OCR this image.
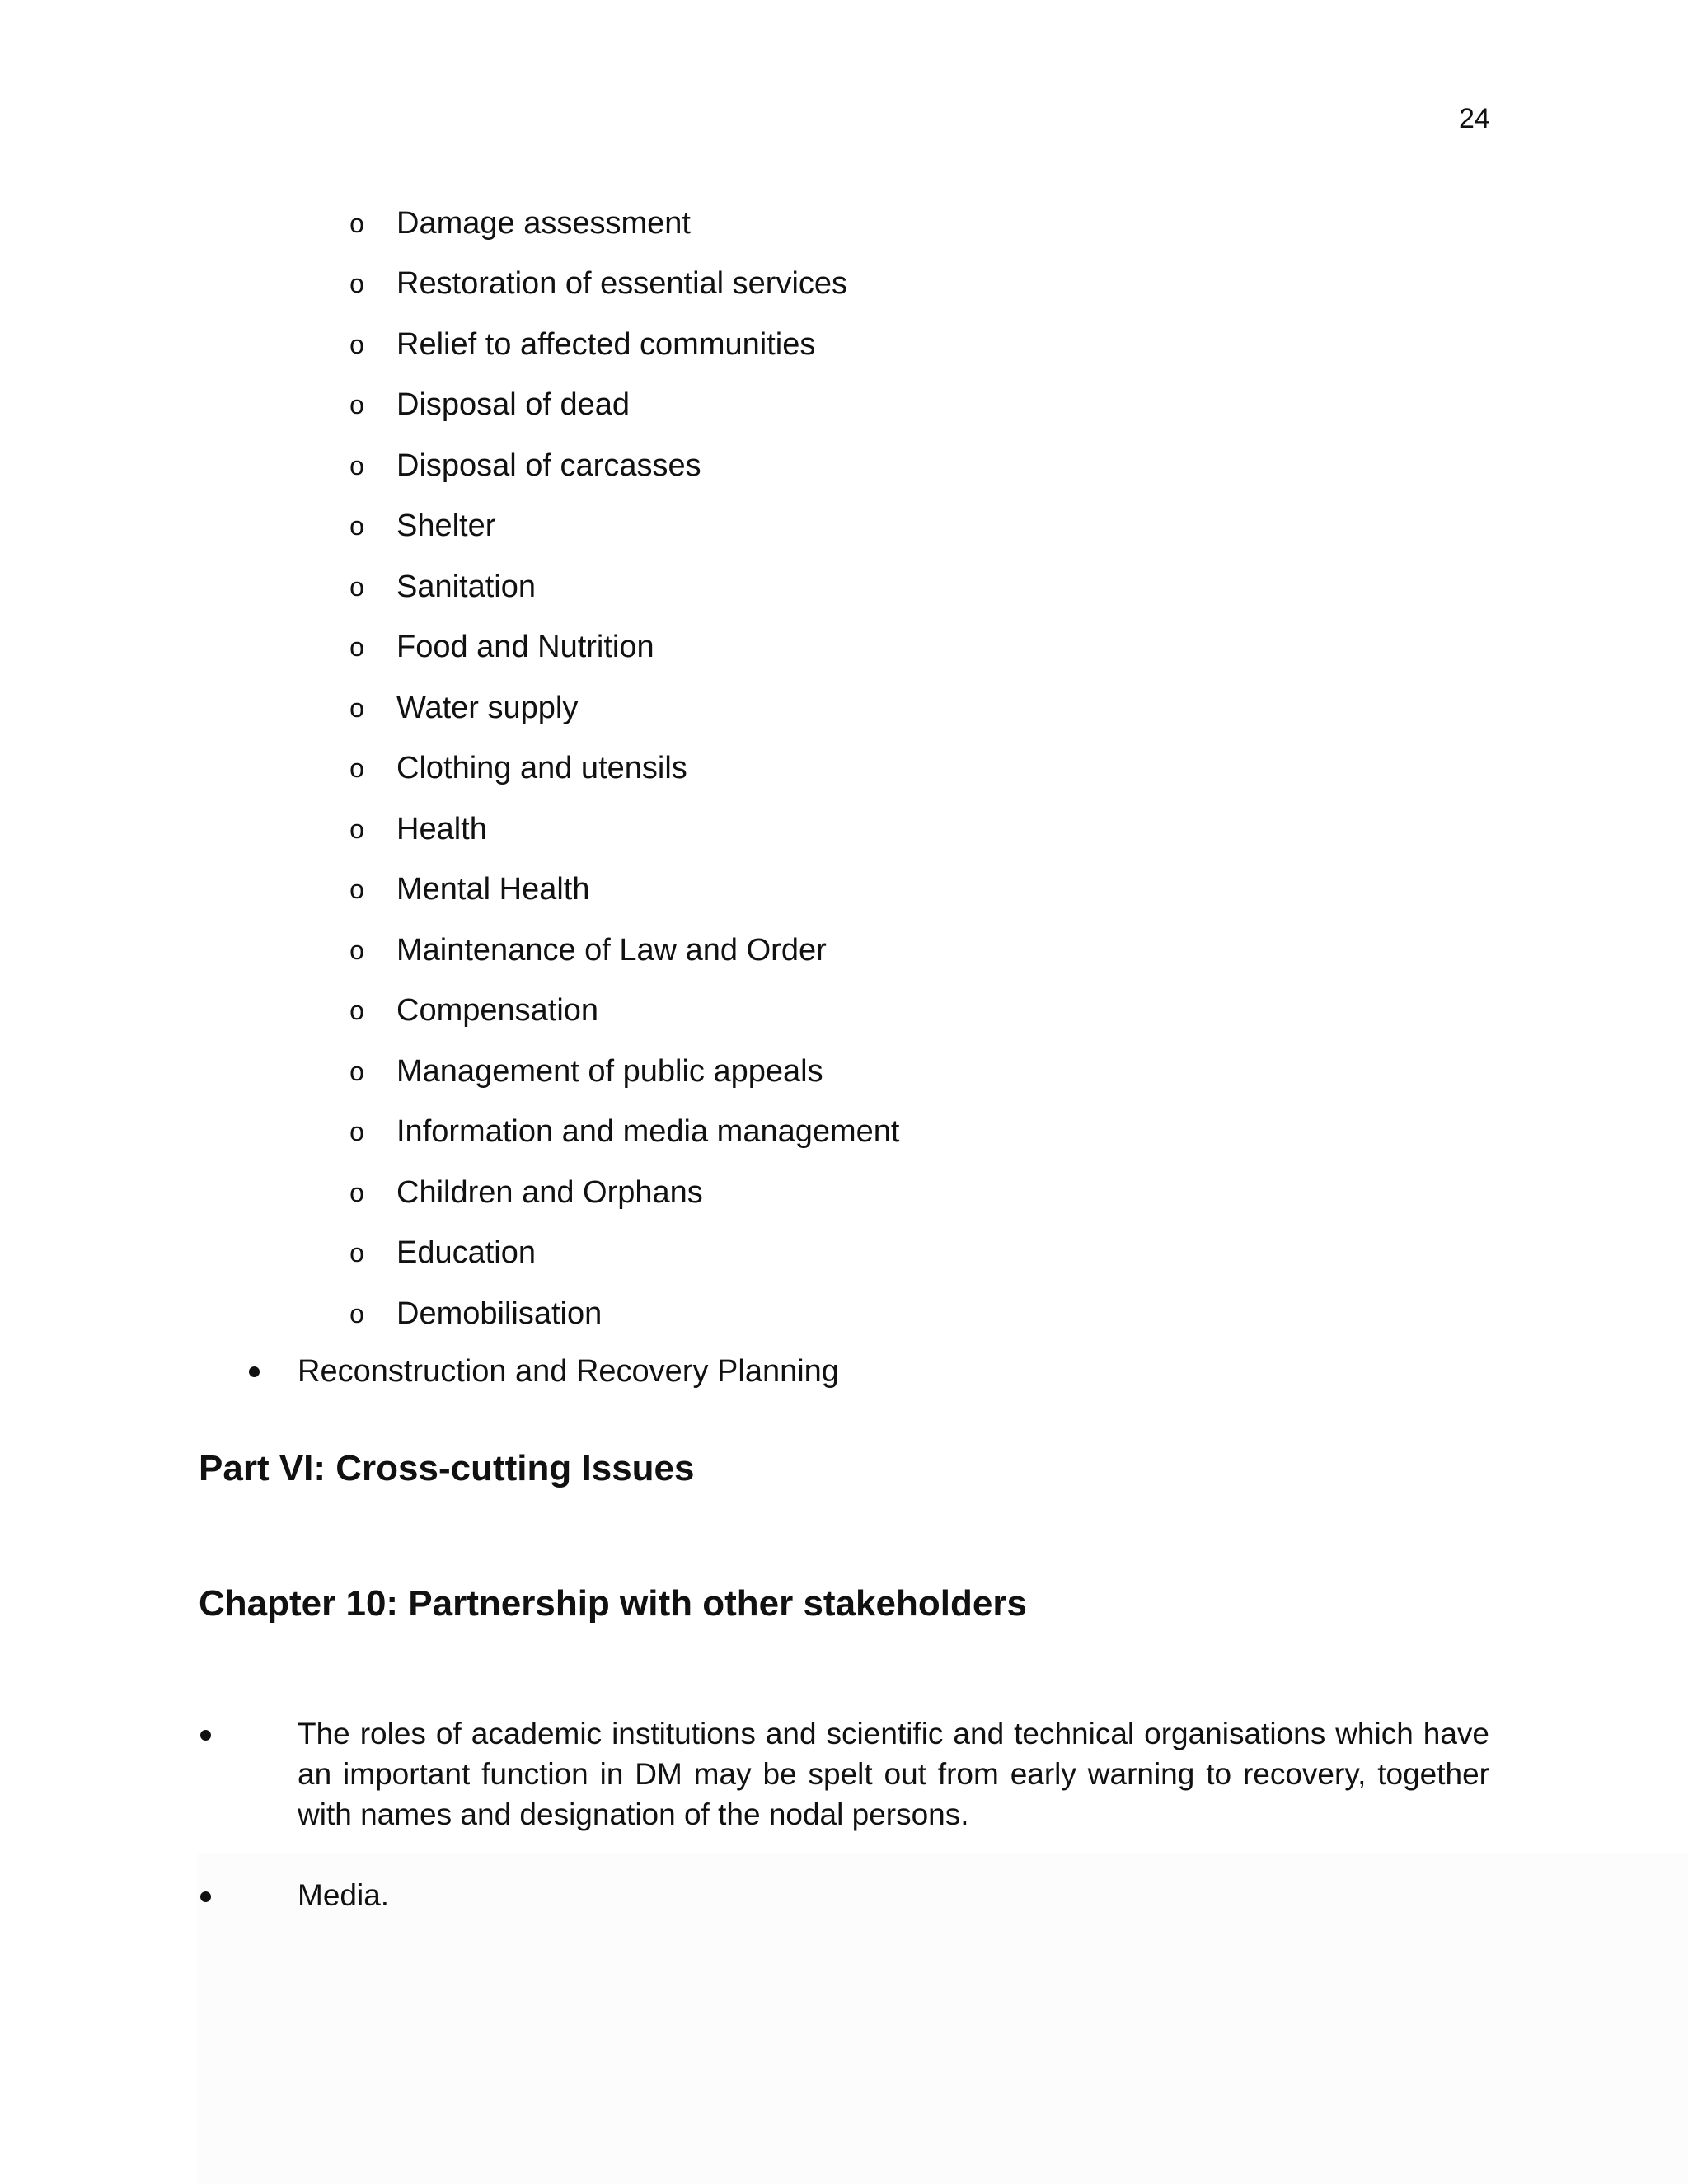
24
o Damage assessment
o Restoration of essential services
o Relief to affected communities
o Disposal of dead
o Disposal of carcasses
o Shelter
o Sanitation
o Food and Nutrition
o Water supply
o Clothing and utensils
o Health
o Mental Health
o Maintenance of Law and Order
o Compensation
o Management of public appeals
o Information and media management
o Children and Orphans
o Education
o Demobilisation
Reconstruction and Recovery Planning
Part VI: Cross-cutting Issues
Chapter 10: Partnership with other stakeholders
The roles of academic institutions and scientific and technical organisations which have an important function in DM may be spelt out from early warning to recovery, together with names and designation of the nodal persons.
Media.
